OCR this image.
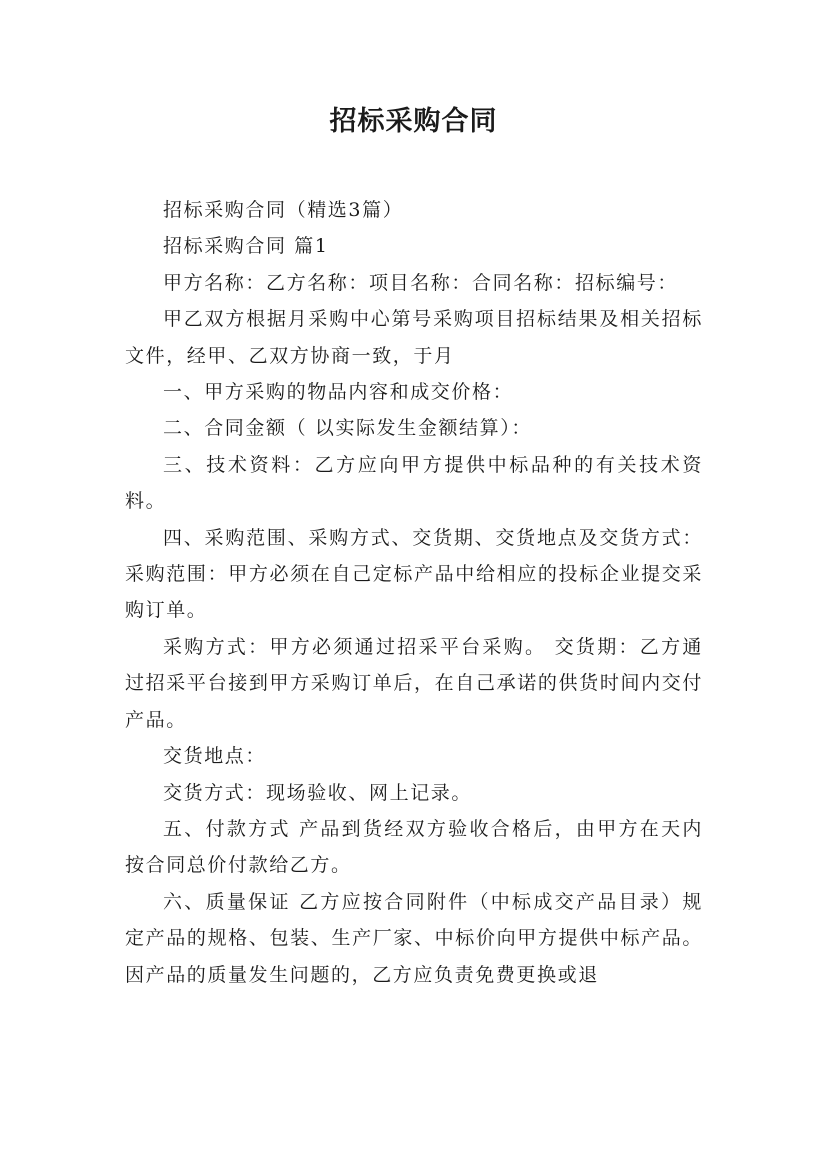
招标采购合同

招标采购合同（精选3篇）

招标采购合同 篇1

甲方名称：乙方名称：项目名称：合同名称：招标编号：

甲乙双方根据月采购中心第号采购项目招标结果及相关招标文件，经甲、乙双方协商一致，于月

一、甲方采购的物品内容和成交价格：

二、合同金额（ 以实际发生金额结算）：

三、技术资料：乙方应向甲方提供中标品种的有关技术资料。

四、采购范围、采购方式、交货期、交货地点及交货方式： 采购范围：甲方必须在自己定标产品中给相应的投标企业提交采购订单。

采购方式：甲方必须通过招采平台采购。 交货期：乙方通过招采平台接到甲方采购订单后，在自己承诺的供货时间内交付产品。

交货地点：

交货方式：现场验收、网上记录。

五、付款方式 产品到货经双方验收合格后，由甲方在天内按合同总价付款给乙方。

六、质量保证 乙方应按合同附件（中标成交产品目录）规定产品的规格、包装、生产厂家、中标价向甲方提供中标产品。因产品的质量发生问题的，乙方应负责免费更换或退
